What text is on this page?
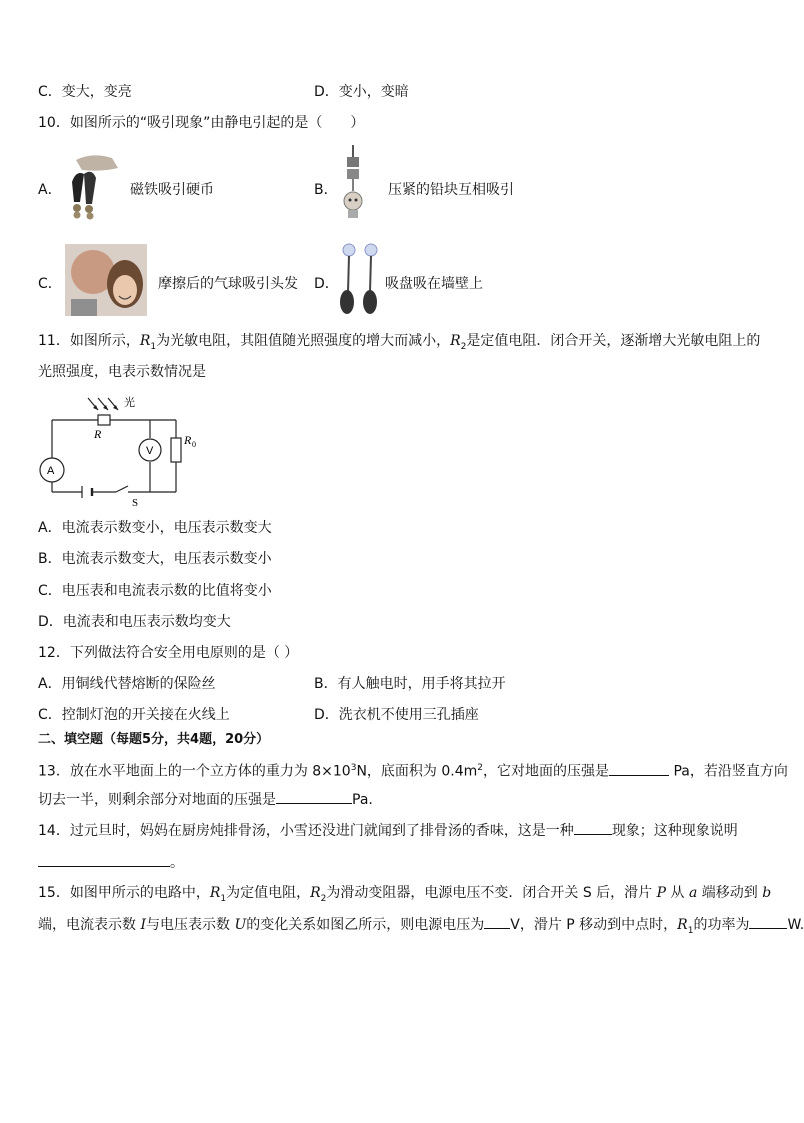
C．变大，变亮	D．变小，变暗
10．如图所示的“吸引现象”由静电引起的是（　　）
A．	磁铁吸引硬币	B．	压紧的铅块互相吸引
C．	摩擦后的气球吸引头发 D．	吸盘吸在墙壁上
11．如图所示，$R_1$为光敏电阻，其阻值随光照强度的增大而减小，$R_2$是定值电阻．闭合开关，逐渐增大光敏电阻上的
光照强度，电表示数情况是
光
R	R 0
A
V
S
A．电流表示数变小，电压表示数变大
B．电流表示数变大，电压表示数变小
C．电压表和电流表示数的比值将变小
D．电流表和电压表示数均变大
12．下列做法符合安全用电原则的是（ ）
A．用铜线代替熔断的保险丝	B．有人触电时，用手将其拉开
C．控制灯泡的开关接在火线上	D．洗衣机不使用三孔插座
二、填空题（每题5分，共4题，20分）
13．放在水平地面上的一个立方体的重力为 $8\times 10^3N$，底面积为 $0.4m^2$，它对地面的压强是	Pa，若沿竖直方向
切去一半，则剩余部分对地面的压强是	Pa.
14．过元旦时，妈妈在厨房炖排骨汤，小雪还没进门就闻到了排骨汤的香味，这是一种	现象；这种现象说明
。
15．如图甲所示的电路中，$R_1$为定值电阻，$R_2$为滑动变阻器，电源电压不变．闭合开关 S 后，滑片 P 从 a 端移动到 b
端，电流表示数 I与电压表示数 U的变化关系如图乙所示，则电源电压为 V，滑片 P 移动到中点时，$R_1$的功率为	W.
